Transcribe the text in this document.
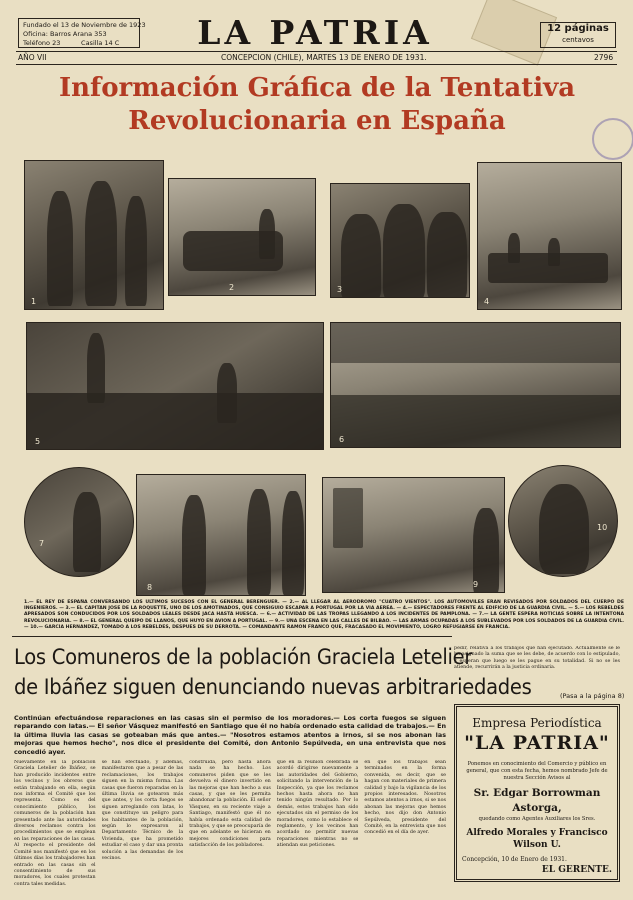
Fundado el 13 de Noviembre de 1923
Oficina: Barros Arana 353
Teléfono 23          Casilla 14 C	LA PATRIA	12 páginas
centavos
AÑO VII	CONCEPCION (CHILE), MARTES 13 DE ENERO DE 1931.	2796
Información Gráfica de la Tentativa
Revolucionaria en España
1
2	3
4
5	6
7
8	9
10
1.— EL REY DE ESPAÑA CONVERSANDO LOS ULTIMOS SUCESOS CON EL GENERAL BERENGUER. — 2.— AL LLEGAR AL AERODROMO "CUATRO VIENTOS". LOS AUTOMOVILES ERAN REVISADOS POR SOLDADOS DEL CUERPO DE INGENIEROS. — 3.— EL CAPITAN JOSE DE LA ROQUETTE, UNO DE LOS AMOTINADOS, QUE CONSIGUIO ESCAPAR A PORTUGAL POR LA VIA AEREA. — 4.— ESPECTADORES FRENTE AL EDIFICIO DE LA GUARDIA CIVIL. — 5.— LOS REBELDES APRESADOS SON CONDUCIDOS POR LOS SOLDADOS LEALES DESDE JACA HASTA HUESCA. — 6.— ACTIVIDAD DE LAS TROPAS LLEGANDO A LOS INCIDENTES DE PAMPLONA. — 7.— LA GENTE ESPERA NOTICIAS SOBRE LA INTENTONA REVOLUCIONARIA. — 8.— EL GENERAL QUEIPO DE LLANOS, QUE HUYO EN AVION A PORTUGAL. — 9.— UNA ESCENA EN LAS CALLES DE BILBAO. — LAS ARMAS OCUPADAS A LOS SUBLEVADOS POR LOS SOLDADOS DE LA GUARDIA CIVIL. — 10.— GARCIA HERNANDEZ, TOMADO A LOS REBELDES, DESPUES DE SU DERROTA. — COMANDANTE RAMON FRANCO QUE, FRACASADO EL MOVIMIENTO, LOGRO REFUGIARSE EN FRANCIA.
Los Comuneros de la población Graciela Letelier
de Ibáñez siguen denunciando nuevas arbitrariedades
Continúan efectuándose reparaciones en las casas sin el permiso de los moradores.— Los corta fuegos se siguen reparando con latas.— El señor Vásquez manifestó en Santiago que él no había ordenado esta calidad de trabajos.— En la última lluvia las casas se goteaban más que antes.— "Nosotros estamos atentos a irnos, si se nos abonan las mejoras que hemos hecho", nos dice el presidente del Comité, don Antonio Sepúlveda, en una entrevista que nos concedió ayer.
Nuevamente en la población Graciela Letelier de Ibáñez, se han producido incidentes entre los vecinos y los obreros que están trabajando en ella, según nos informa el Comité que los representa. Como es del conocimiento público, los comuneros de la población han presentado ante las autoridades diversos reclamos contra los procedimientos que se emplean en las reparaciones de las casas. Al respecto el presidente del Comité nos manifestó que en los últimos días los trabajadores han entrado en las casas sin el consentimiento de sus moradores, los cuales protestan contra tales medidas.
se han efectuado, y además, manifestaron que a pesar de las reclamaciones, los trabajos siguen en la misma forma. Las casas que fueron reparadas en la última lluvia se gotearon más que antes, y los corta fuegos se siguen arreglando con latas, lo que constituye un peligro para los habitantes de la población, según lo expresaron al Departamento Técnico de la Vivienda, que ha prometido estudiar el caso y dar una pronta solución a las demandas de los vecinos.
construida, pero hasta ahora nada se ha hecho. Los comuneros piden que se les devuelva el dinero invertido en las mejoras que han hecho a sus casas, y que se les permita abandonar la población. El señor Vásquez, en su reciente viaje a Santiago, manifestó que él no había ordenado esta calidad de trabajos, y que se preocuparía de que en adelante se hicieran en mejores condiciones para satisfacción de los pobladores.
que en la reunión celebrada se acordó dirigirse nuevamente a las autoridades del Gobierno, solicitando la intervención de la Inspección, ya que los reclamos hechos hasta ahora no han tenido ningún resultado. Por lo demás, estos trabajos han sido ejecutados sin el permiso de los moradores, como lo establece el reglamento, y los vecinos han acordado no permitir nuevas reparaciones mientras no se atiendan sus peticiones.
en que los trabajos sean terminados en la forma convenida, es decir, que se hagan con materiales de primera calidad y bajo la vigilancia de los propios interesados. Nosotros estamos atentos a irnos, si se nos abonan las mejoras que hemos hecho, nos dijo don Antonio Sepúlveda, presidente del Comité, en la entrevista que nos concedió en el día de ayer.
pedir, relativa a los trabajos que han ejecutado. Actualmente se le ha asignado la suma que se les debe, de acuerdo con lo estipulado, y esperan que luego se les pague en su totalidad. Si no se les atiende, recurrirán a la justicia ordinaria.
(Pasa a la página 8)
Empresa Periodística
"LA PATRIA"
Ponemos en conocimiento del Comercio y público en general, que con esta fecha, hemos nombrado Jefe de nuestra Sección Avisos al
Sr. Edgar Borrowman Astorga,
quedando como Agentes Auxiliares los Sres.
Alfredo Morales y Francisco Wilson U.
Concepción, 10 de Enero de 1931.
EL GERENTE.
